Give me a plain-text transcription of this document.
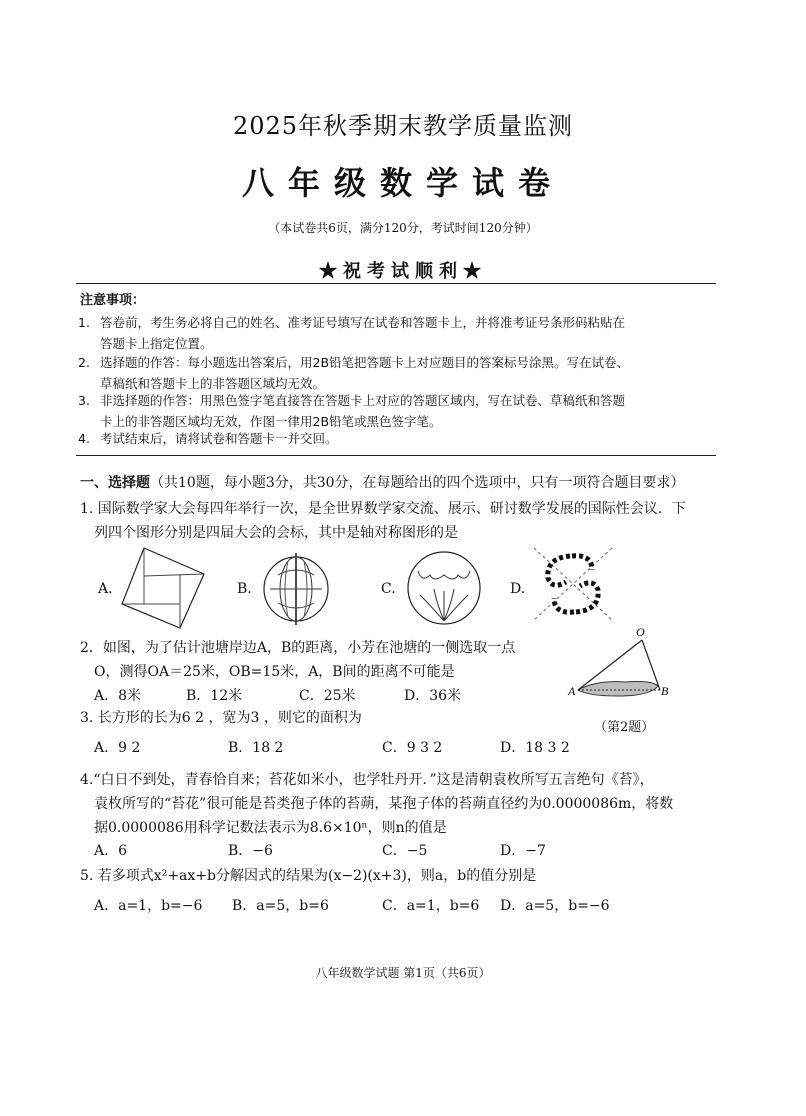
2025年秋季期末教学质量监测
八年级数学试卷
（本试卷共6页，满分120分，考试时间120分钟）
★祝考试顺利★
注意事项：
1. 答卷前，考生务必将自己的姓名、准考证号填写在试卷和答题卡上，并将准考证号条形码粘贴在
答题卡上指定位置。
2. 选择题的作答：每小题选出答案后，用2B铅笔把答题卡上对应题目的答案标号涂黑。写在试卷、
草稿纸和答题卡上的非答题区域均无效。
3. 非选择题的作答：用黑色签字笔直接答在答题卡上对应的答题区域内，写在试卷、草稿纸和答题
卡上的非答题区域均无效，作图一律用2B铅笔或黑色签字笔。
4. 考试结束后，请将试卷和答题卡一并交回。
一、选择题（共10题，每小题3分，共30分，在每题给出的四个选项中，只有一项符合题目要求）
1. 国际数学家大会每四年举行一次，是全世界数学家交流、展示、研讨数学发展的国际性会议．下
列四个图形分别是四届大会的会标，其中是轴对称图形的是
A.	B.	C.	D.
2．如图，为了估计池塘岸边A，B的距离，小芳在池塘的一侧选取一点
O，测得OA＝25米，OB=15米，A，B间的距离不可能是
A．8米	B．12米	C．25米	D．36米
O
A	B
（第2题）
3. 长方形的长为6 2 ，宽为3 ，则它的面积为
A．9 2	B．18 2	C．9 3 2	D．18 3 2
4.“白日不到处，青春恰自来；苔花如米小，也学牡丹开．”这是清朝袁枚所写五言绝句《苔》，
袁枚所写的“苔花”很可能是苔类孢子体的苔蒴，某孢子体的苔蒴直径约为0.0000086m，将数
据0.0000086用科学记数法表示为8.6×10ⁿ，则n的值是
A．6	B．−6	C．−5	D．−7
5. 若多项式x²+ax+b分解因式的结果为(x−2)(x+3)，则a，b的值分别是
A．a=1，b=−6 B．a=5，b=6	C．a=1，b=6 D．a=5，b=−6
八年级数学试题 第1页（共6页）
